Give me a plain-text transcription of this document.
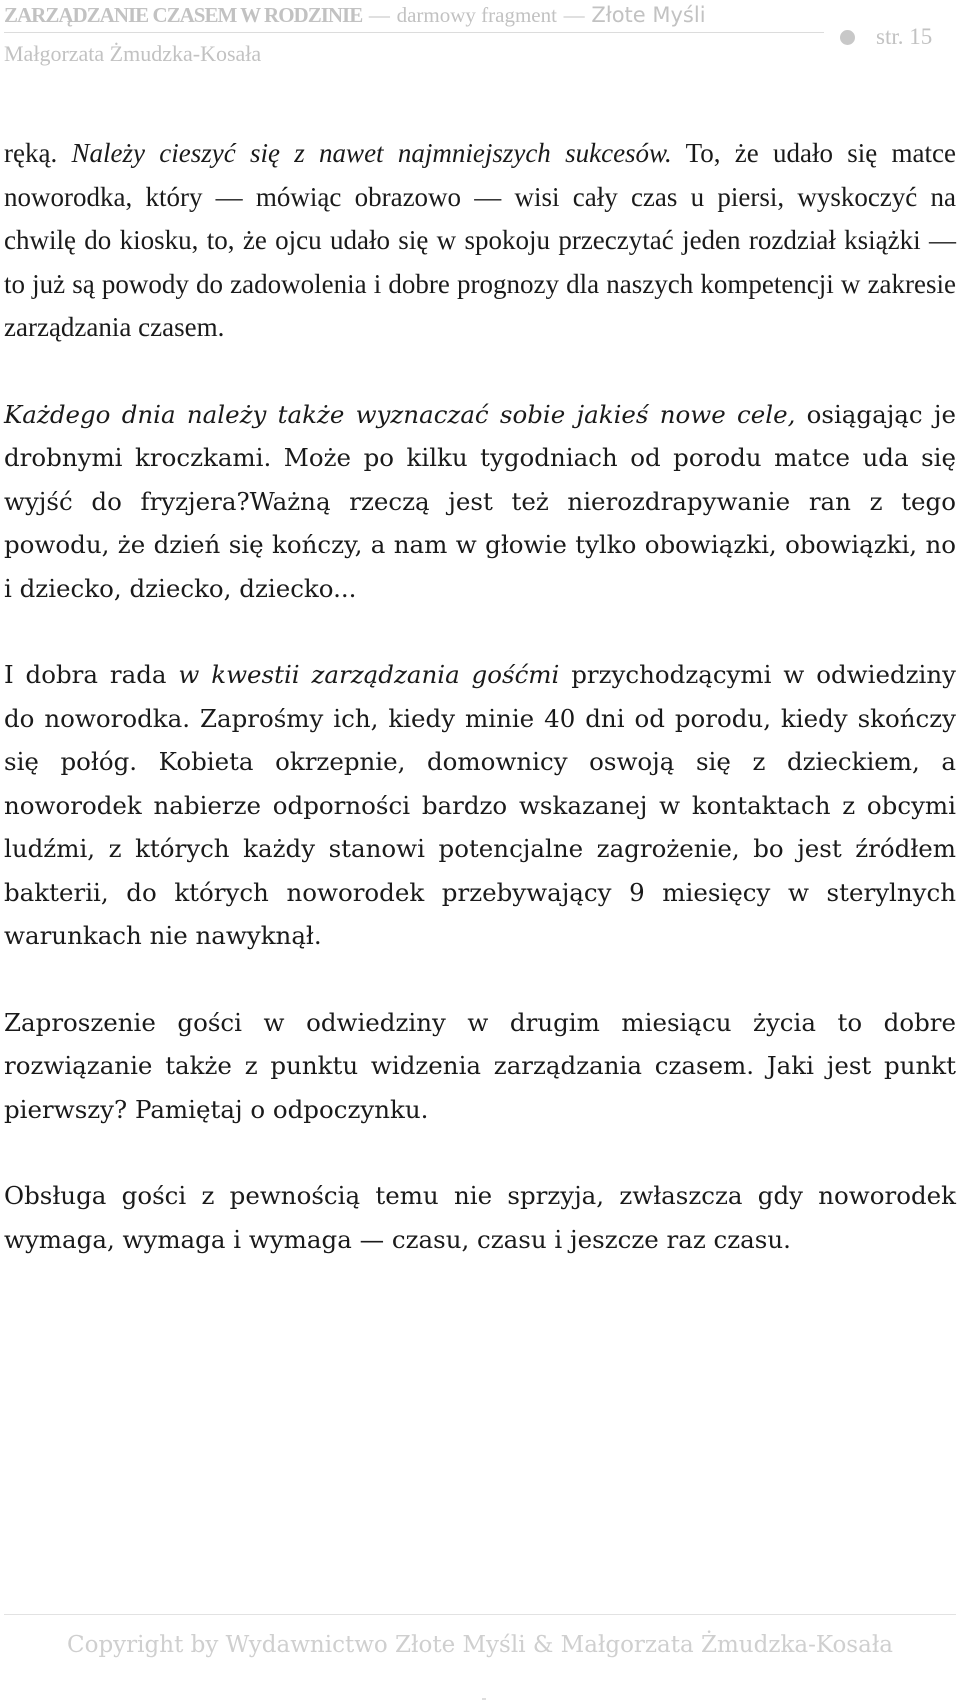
ZARZĄDZANIE CZASEM W RODZINIE — darmowy fragment — Złote Myśli
Małgorzata Żmudzka-Kosała
str. 15

ręką. Należy cieszyć się z nawet najmniejszych sukcesów. To, że udało się matce noworodka, który — mówiąc obrazowo — wisi cały czas u piersi, wyskoczyć na chwilę do kiosku, to, że ojcu udało się w spokoju przeczytać jeden rozdział książki — to już są powody do zadowolenia i dobre prognozy dla naszych kompetencji w zakresie zarządzania czasem.

Każdego dnia należy także wyznaczać sobie jakieś nowe cele, osiągając je drobnymi kroczkami. Może po kilku tygodniach od porodu matce uda się wyjść do fryzjera?Ważną rzeczą jest też nierozdrapywanie ran z tego powodu, że dzień się kończy, a nam w głowie tylko obowiązki, obowiązki, no i dziecko, dziecko, dziecko...

I dobra rada w kwestii zarządzania gośćmi przychodzącymi w odwiedziny do noworodka. Zaprośmy ich, kiedy minie 40 dni od porodu, kiedy skończy się połóg. Kobieta okrzepnie, domownicy oswoją się z dzieckiem, a noworodek nabierze odporności bardzo wskazanej w kontaktach z obcymi ludźmi, z których każdy stanowi potencjalne zagrożenie, bo jest źródłem bakterii, do których noworodek przebywający 9 miesięcy w sterylnych warunkach nie nawyknął.

Zaproszenie gości w odwiedziny w drugim miesiącu życia to dobre rozwiązanie także z punktu widzenia zarządzania czasem. Jaki jest punkt pierwszy? Pamiętaj o odpoczynku.

Obsługa gości z pewnością temu nie sprzyja, zwłaszcza gdy noworodek wymaga, wymaga i wymaga — czasu, czasu i jeszcze raz czasu.

Copyright by Wydawnictwo Złote Myśli & Małgorzata Żmudzka-Kosała
